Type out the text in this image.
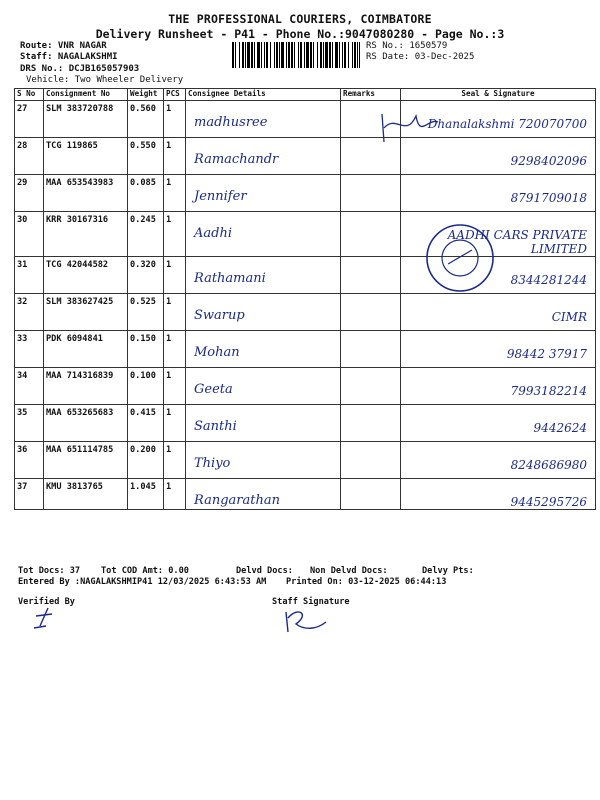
THE PROFESSIONAL COURIERS, COIMBATORE
Delivery Runsheet - P41 - Phone No.:9047080280 - Page No.:3
Route: VNR NAGAR
Staff: NAGALAKSHMI
DRS No.: DCJB165057903
Vehicle: Two Wheeler Delivery
RS No.: 1650579
RS Date: 03-Dec-2025
S No	Consignment No	Weight	PCS	Consignee Details	Remarks	Seal & Signature

27	SLM 383720788	0.560	1	madhusree		Dhanalakshmi 720070700

28	TCG 119865	0.550	1	Ramachandr		9298402096

29	MAA 653543983	0.085	1	Jennifer		8791709018

30	KRR 30167316	0.245	1	Aadhi		AADHI CARS PRIVATE LIMITED

31	TCG 42044582	0.320	1	Rathamani		8344281244

32	SLM 383627425	0.525	1	Swarup		CIMR

33	PDK 6094841	0.150	1	Mohan		98442 37917

34	MAA 714316839	0.100	1	Geeta		7993182214

35	MAA 653265683	0.415	1	Santhi		9442624

36	MAA 651114785	0.200	1	Thiyo		8248686980

37	KMU 3813765	1.045	1	Rangarathan		9445295726
Tot Docs: 37 Tot COD Amt: 0.00	Delvd Docs: Non Delvd Docs:	Delvy Pts:
Entered By :NAGALAKSHMIP41 12/03/2025 6:43:53 AM Printed On: 03-12-2025 06:44:13
Verified By	Staff Signature
